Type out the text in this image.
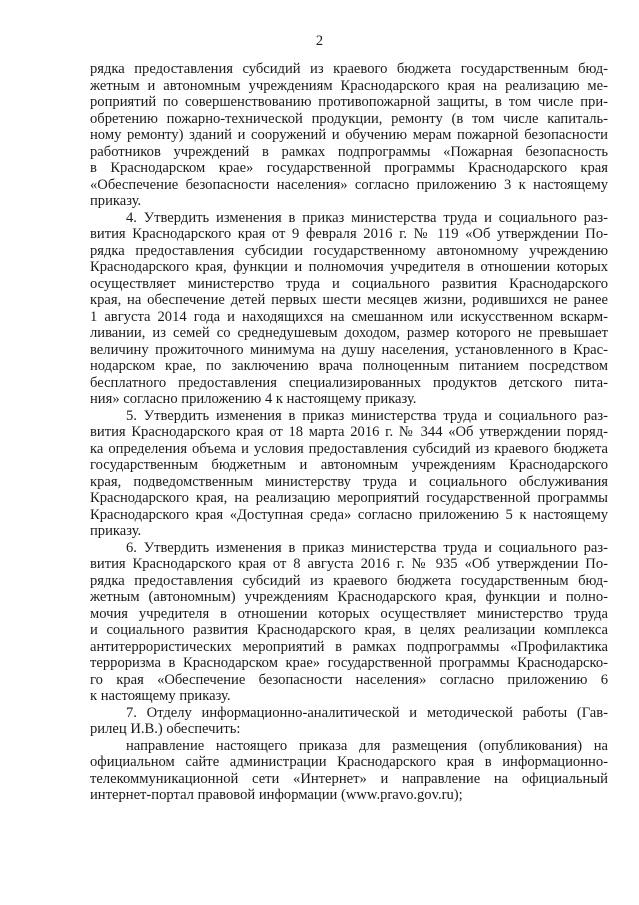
2
рядка предоставления субсидий из краевого бюджета государственным бюд-
жетным и автономным учреждениям Краснодарского края на реализацию ме-
роприятий по совершенствованию противопожарной защиты, в том числе при-
обретению пожарно-технической продукции, ремонту (в том числе капиталь-
ному ремонту) зданий и сооружений и обучению мерам пожарной безопасности
работников учреждений в рамках подпрограммы «Пожарная безопасность
в Краснодарском крае» государственной программы Краснодарского края
«Обеспечение безопасности населения» согласно приложению 3 к настоящему
приказу.
4. Утвердить изменения в приказ министерства труда и социального раз-
вития Краснодарского края от 9 февраля 2016 г. № 119 «Об утверждении По-
рядка предоставления субсидии государственному автономному учреждению
Краснодарского края, функции и полномочия учредителя в отношении которых
осуществляет министерство труда и социального развития Краснодарского
края, на обеспечение детей первых шести месяцев жизни, родившихся не ранее
1 августа 2014 года и находящихся на смешанном или искусственном вскарм-
ливании, из семей со среднедушевым доходом, размер которого не превышает
величину прожиточного минимума на душу населения, установленного в Крас-
нодарском крае, по заключению врача полноценным питанием посредством
бесплатного предоставления специализированных продуктов детского пита-
ния» согласно приложению 4 к настоящему приказу.
5. Утвердить изменения в приказ министерства труда и социального раз-
вития Краснодарского края от 18 марта 2016 г. № 344 «Об утверждении поряд-
ка определения объема и условия предоставления субсидий из краевого бюджета
государственным бюджетным и автономным учреждениям Краснодарского
края, подведомственным министерству труда и социального обслуживания
Краснодарского края, на реализацию мероприятий государственной программы
Краснодарского края «Доступная среда» согласно приложению 5 к настоящему
приказу.
6. Утвердить изменения в приказ министерства труда и социального раз-
вития Краснодарского края от 8 августа 2016 г. № 935 «Об утверждении По-
рядка предоставления субсидий из краевого бюджета государственным бюд-
жетным (автономным) учреждениям Краснодарского края, функции и полно-
мочия учредителя в отношении которых осуществляет министерство труда
и социального развития Краснодарского края, в целях реализации комплекса
антитеррористических мероприятий в рамках подпрограммы «Профилактика
терроризма в Краснодарском крае» государственной программы Краснодарско-
го края «Обеспечение безопасности населения» согласно приложению 6
к настоящему приказу.
7. Отделу информационно-аналитической и методической работы (Гав-
рилец И.В.) обеспечить:
направление настоящего приказа для размещения (опубликования) на
официальном сайте администрации Краснодарского края в информационно-
телекоммуникационной сети «Интернет» и направление на официальный
интернет-портал правовой информации (www.pravo.gov.ru);
